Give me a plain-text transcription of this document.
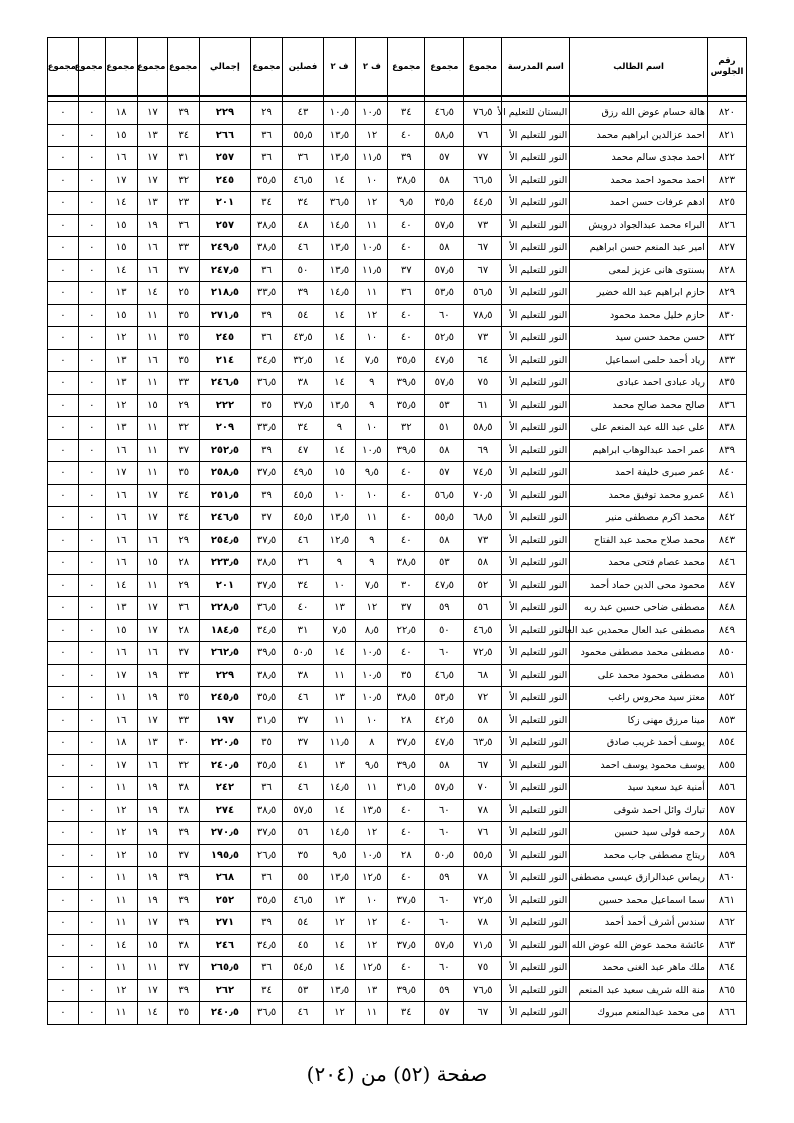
رقم الجلوس	اسم الطالب	اسم المدرسة	مجموع	مجموع	مجموع	ف ٢	ف ٢	فصلين	مجموع	إجمالي	مجموع	مجموع	مجموع	مجموع	مجموع

٨٢٠	هالة حسام عوض الله رزق	البستان للتعليم الأ	٧٦٫٥	٤٦٫٥	٣٤	١٠٫٥	١٠٫٥	٤٣	٢٩	٢٢٩	٣٩	١٧	١٨	٠	٠
٨٢١	احمد عزالدين ابراهيم محمد	النور للتعليم الأ	٧٦	٥٨٫٥	٤٠	١٢	١٣٫٥	٥٥٫٥	٣٦	٢٦٦	٣٤	١٣	١٥	٠	٠
٨٢٢	احمد مجدى سالم محمد	النور للتعليم الأ	٧٧	٥٧	٣٩	١١٫٥	١٣٫٥	٣٦	٣٦	٢٥٧	٣١	١٧	١٦	٠	٠
٨٢٣	احمد محمود احمد محمد	النور للتعليم الأ	٦٦٫٥	٥٨	٣٨٫٥	١٠	١٤	٤٦٫٥	٣٥٫٥	٢٤٥	٣٢	١٧	١٧	٠	٠
٨٢٥	ادهم عرفات حسن احمد	النور للتعليم الأ	٤٤٫٥	٣٥٫٥	٩٫٥	١٢	٣٦٫٥	٣٤	٣٤	٢٠١	٢٣	١٣	١٤	٠	٠
٨٢٦	البراء محمد عبدالجواد درويش	النور للتعليم الأ	٧٣	٥٧٫٥	٤٠	١١	١٤٫٥	٤٨	٣٨٫٥	٢٥٧	٣٦	١٩	١٥	٠	٠
٨٢٧	امير عبد المنعم حسن ابراهيم	النور للتعليم الأ	٦٧	٥٨	٤٠	١٠٫٥	١٣٫٥	٤٦	٣٨٫٥	٢٤٩٫٥	٣٣	١٦	١٥	٠	٠
٨٢٨	بسنتوى هانى عزيز لمعى	النور للتعليم الأ	٦٧	٥٧٫٥	٣٧	١١٫٥	١٣٫٥	٥٠	٣٦	٢٤٧٫٥	٣٧	١٦	١٤	٠	٠
٨٢٩	حازم ابراهيم عبد الله خضير	النور للتعليم الأ	٥٦٫٥	٥٣٫٥	٣٦	١١	١٤٫٥	٣٩	٣٣٫٥	٢١٨٫٥	٢٥	١٤	١٣	٠	٠
٨٣٠	حازم خليل محمد محمود	النور للتعليم الأ	٧٨٫٥	٦٠	٤٠	١٢	١٤	٥٤	٣٩	٢٧١٫٥	٣٥	١١	١٥	٠	٠
٨٣٢	حسن محمد حسن سيد	النور للتعليم الأ	٧٣	٥٢٫٥	٤٠	١٠	١٤	٤٣٫٥	٣٦	٢٤٥	٣٥	١١	١٢	٠	٠
٨٣٣	رياد أحمد حلمى اسماعيل	النور للتعليم الأ	٦٤	٤٧٫٥	٣٥٫٥	٧٫٥	١٤	٣٢٫٥	٣٤٫٥	٢١٤	٣٥	١٦	١٣	٠	٠
٨٣٥	رياد عبادى احمد عبادى	النور للتعليم الأ	٧٥	٥٧٫٥	٣٩٫٥	٩	١٤	٣٨	٣٦٫٥	٢٤٦٫٥	٣٣	١١	١٣	٠	٠
٨٣٦	صالح محمد صالح محمد	النور للتعليم الأ	٦١	٥٣	٣٥٫٥	٩	١٣٫٥	٣٧٫٥	٣٥	٢٢٢	٢٩	١٥	١٢	٠	٠
٨٣٨	على عبد الله عبد المنعم على	النور للتعليم الأ	٥٨٫٥	٥١	٣٢	١٠	٩	٣٤	٣٣٫٥	٢٠٩	٣٢	١١	١٣	٠	٠
٨٣٩	عمر احمد عبدالوهاب ابراهيم	النور للتعليم الأ	٦٩	٥٨	٣٩٫٥	١٠٫٥	١٤	٤٧	٣٩	٢٥٢٫٥	٣٧	١١	١٦	٠	٠
٨٤٠	عمر صبرى خليفة احمد	النور للتعليم الأ	٧٤٫٥	٥٧	٤٠	٩٫٥	١٥	٤٩٫٥	٣٧٫٥	٢٥٨٫٥	٣٥	١١	١٧	٠	٠
٨٤١	عمرو محمد توفيق محمد	النور للتعليم الأ	٧٠٫٥	٥٦٫٥	٤٠	١٠	١٠	٤٥٫٥	٣٩	٢٥١٫٥	٣٤	١٧	١٦	٠	٠
٨٤٢	محمد اكرم مصطفى منير	النور للتعليم الأ	٦٨٫٥	٥٥٫٥	٤٠	١١	١٣٫٥	٤٥٫٥	٣٧	٢٤٦٫٥	٣٤	١٧	١٦	٠	٠
٨٤٣	محمد صلاح محمد عبد الفتاح	النور للتعليم الأ	٧٣	٥٨	٤٠	٩	١٢٫٥	٤٦	٣٧٫٥	٢٥٤٫٥	٢٩	١٦	١٦	٠	٠
٨٤٦	محمد عصام فتحى محمد	النور للتعليم الأ	٥٨	٥٣	٣٨٫٥	٩	٩	٣٦	٣٨٫٥	٢٢٣٫٥	٢٨	١٥	١٦	٠	٠
٨٤٧	محمود محى الدين حماد أحمد	النور للتعليم الأ	٥٢	٤٧٫٥	٣٠	٧٫٥	١٠	٣٤	٣٧٫٥	٢٠١	٢٩	١١	١٤	٠	٠
٨٤٨	مصطفى ضاحى حسين عبد ربه	النور للتعليم الأ	٥٦	٥٩	٣٧	١٢	١٣	٤٠	٣٦٫٥	٢٢٨٫٥	٣٦	١٧	١٣	٠	٠
٨٤٩	مصطفى عبد العال محمدين عبد العا	النور للتعليم الأ	٤٦٫٥	٥٠	٢٢٫٥	٨٫٥	٧٫٥	٣١	٣٤٫٥	١٨٤٫٥	٢٨	١٧	١٥	٠	٠
٨٥٠	مصطفى محمد مصطفى محمود	النور للتعليم الأ	٧٢٫٥	٦٠	٤٠	١٠٫٥	١٤	٥٠٫٥	٣٩٫٥	٢٦٢٫٥	٣٧	١٦	١٦	٠	٠
٨٥١	مصطفى محمود محمد على	النور للتعليم الأ	٦٨	٤٦٫٥	٣٥	١٠٫٥	١١	٣٨	٣٨٫٥	٢٢٩	٣٣	١٩	١٧	٠	٠
٨٥٢	معتز سيد محروس راغب	النور للتعليم الأ	٧٢	٥٣٫٥	٣٨٫٥	١٠٫٥	١٣	٤٦	٣٥٫٥	٢٤٥٫٥	٣٥	١٩	١١	٠	٠
٨٥٣	مينا مرزق مهنى زكا	النور للتعليم الأ	٥٨	٤٢٫٥	٢٨	١٠	١١	٣٧	٣١٫٥	١٩٧	٣٣	١٧	١٦	٠	٠
٨٥٤	يوسف أحمد غريب صادق	النور للتعليم الأ	٦٣٫٥	٤٧٫٥	٣٧٫٥	٨	١١٫٥	٣٧	٣٥	٢٢٠٫٥	٣٠	١٣	١٨	٠	٠
٨٥٥	يوسف محمود يوسف احمد	النور للتعليم الأ	٦٧	٥٨	٣٩٫٥	٩٫٥	١٣	٤١	٣٥٫٥	٢٤٠٫٥	٣٢	١٦	١٧	٠	٠
٨٥٦	أمنية عيد سعيد سيد	النور للتعليم الأ	٧٠	٥٧٫٥	٣١٫٥	١١	١٤٫٥	٤٦	٣٦	٢٤٢	٣٨	١٩	١١	٠	٠
٨٥٧	تبارك وائل احمد شوقى	النور للتعليم الأ	٧٨	٦٠	٤٠	١٣٫٥	١٤	٥٧٫٥	٣٨٫٥	٢٧٤	٣٨	١٩	١٢	٠	٠
٨٥٨	رحمه فولى سيد حسين	النور للتعليم الأ	٧٦	٦٠	٤٠	١٢	١٤٫٥	٥٦	٣٧٫٥	٢٧٠٫٥	٣٩	١٩	١٢	٠	٠
٨٥٩	ريتاج مصطفى جاب محمد	النور للتعليم الأ	٥٥٫٥	٥٠٫٥	٢٨	١٠٫٥	٩٫٥	٣٥	٢٦٫٥	١٩٥٫٥	٣٧	١٥	١٢	٠	٠
٨٦٠	ريماس عبدالرازق عيسى مصطفى	النور للتعليم الأ	٧٨	٥٩	٤٠	١٢٫٥	١٣٫٥	٥٥	٣٦	٢٦٨	٣٩	١٩	١١	٠	٠
٨٦١	سما اسماعيل محمد حسين	النور للتعليم الأ	٧٢٫٥	٦٠	٣٧٫٥	١٠	١٣	٤٦٫٥	٣٥٫٥	٢٥٢	٣٩	١٩	١١	٠	٠
٨٦٢	سندس أشرف أحمد أحمد	النور للتعليم الأ	٧٨	٦٠	٤٠	١٢	١٢	٥٤	٣٩	٢٧١	٣٩	١٧	١١	٠	٠
٨٦٣	عائشة محمد عوض الله عوض الله	النور للتعليم الأ	٧١٫٥	٥٧٫٥	٣٧٫٥	١٢	١٤	٤٥	٣٤٫٥	٢٤٦	٣٨	١٥	١٤	٠	٠
٨٦٤	ملك ماهر عبد الغنى محمد	النور للتعليم الأ	٧٥	٦٠	٤٠	١٢٫٥	١٤	٥٤٫٥	٣٦	٢٦٥٫٥	٣٧	١١	١١	٠	٠
٨٦٥	منة الله شريف سعيد عبد المنعم	النور للتعليم الأ	٧٦٫٥	٥٩	٣٩٫٥	١٣	١٣٫٥	٥٣	٣٤	٢٦٢	٣٩	١٧	١٢	٠	٠
٨٦٦	مى محمد عبدالمنعم مبروك	النور للتعليم الأ	٦٧	٥٧	٣٤	١١	١٢	٤٦	٣٦٫٥	٢٤٠٫٥	٣٥	١٤	١١	٠	٠
صفحة (٥٢) من (٢٠٤)
